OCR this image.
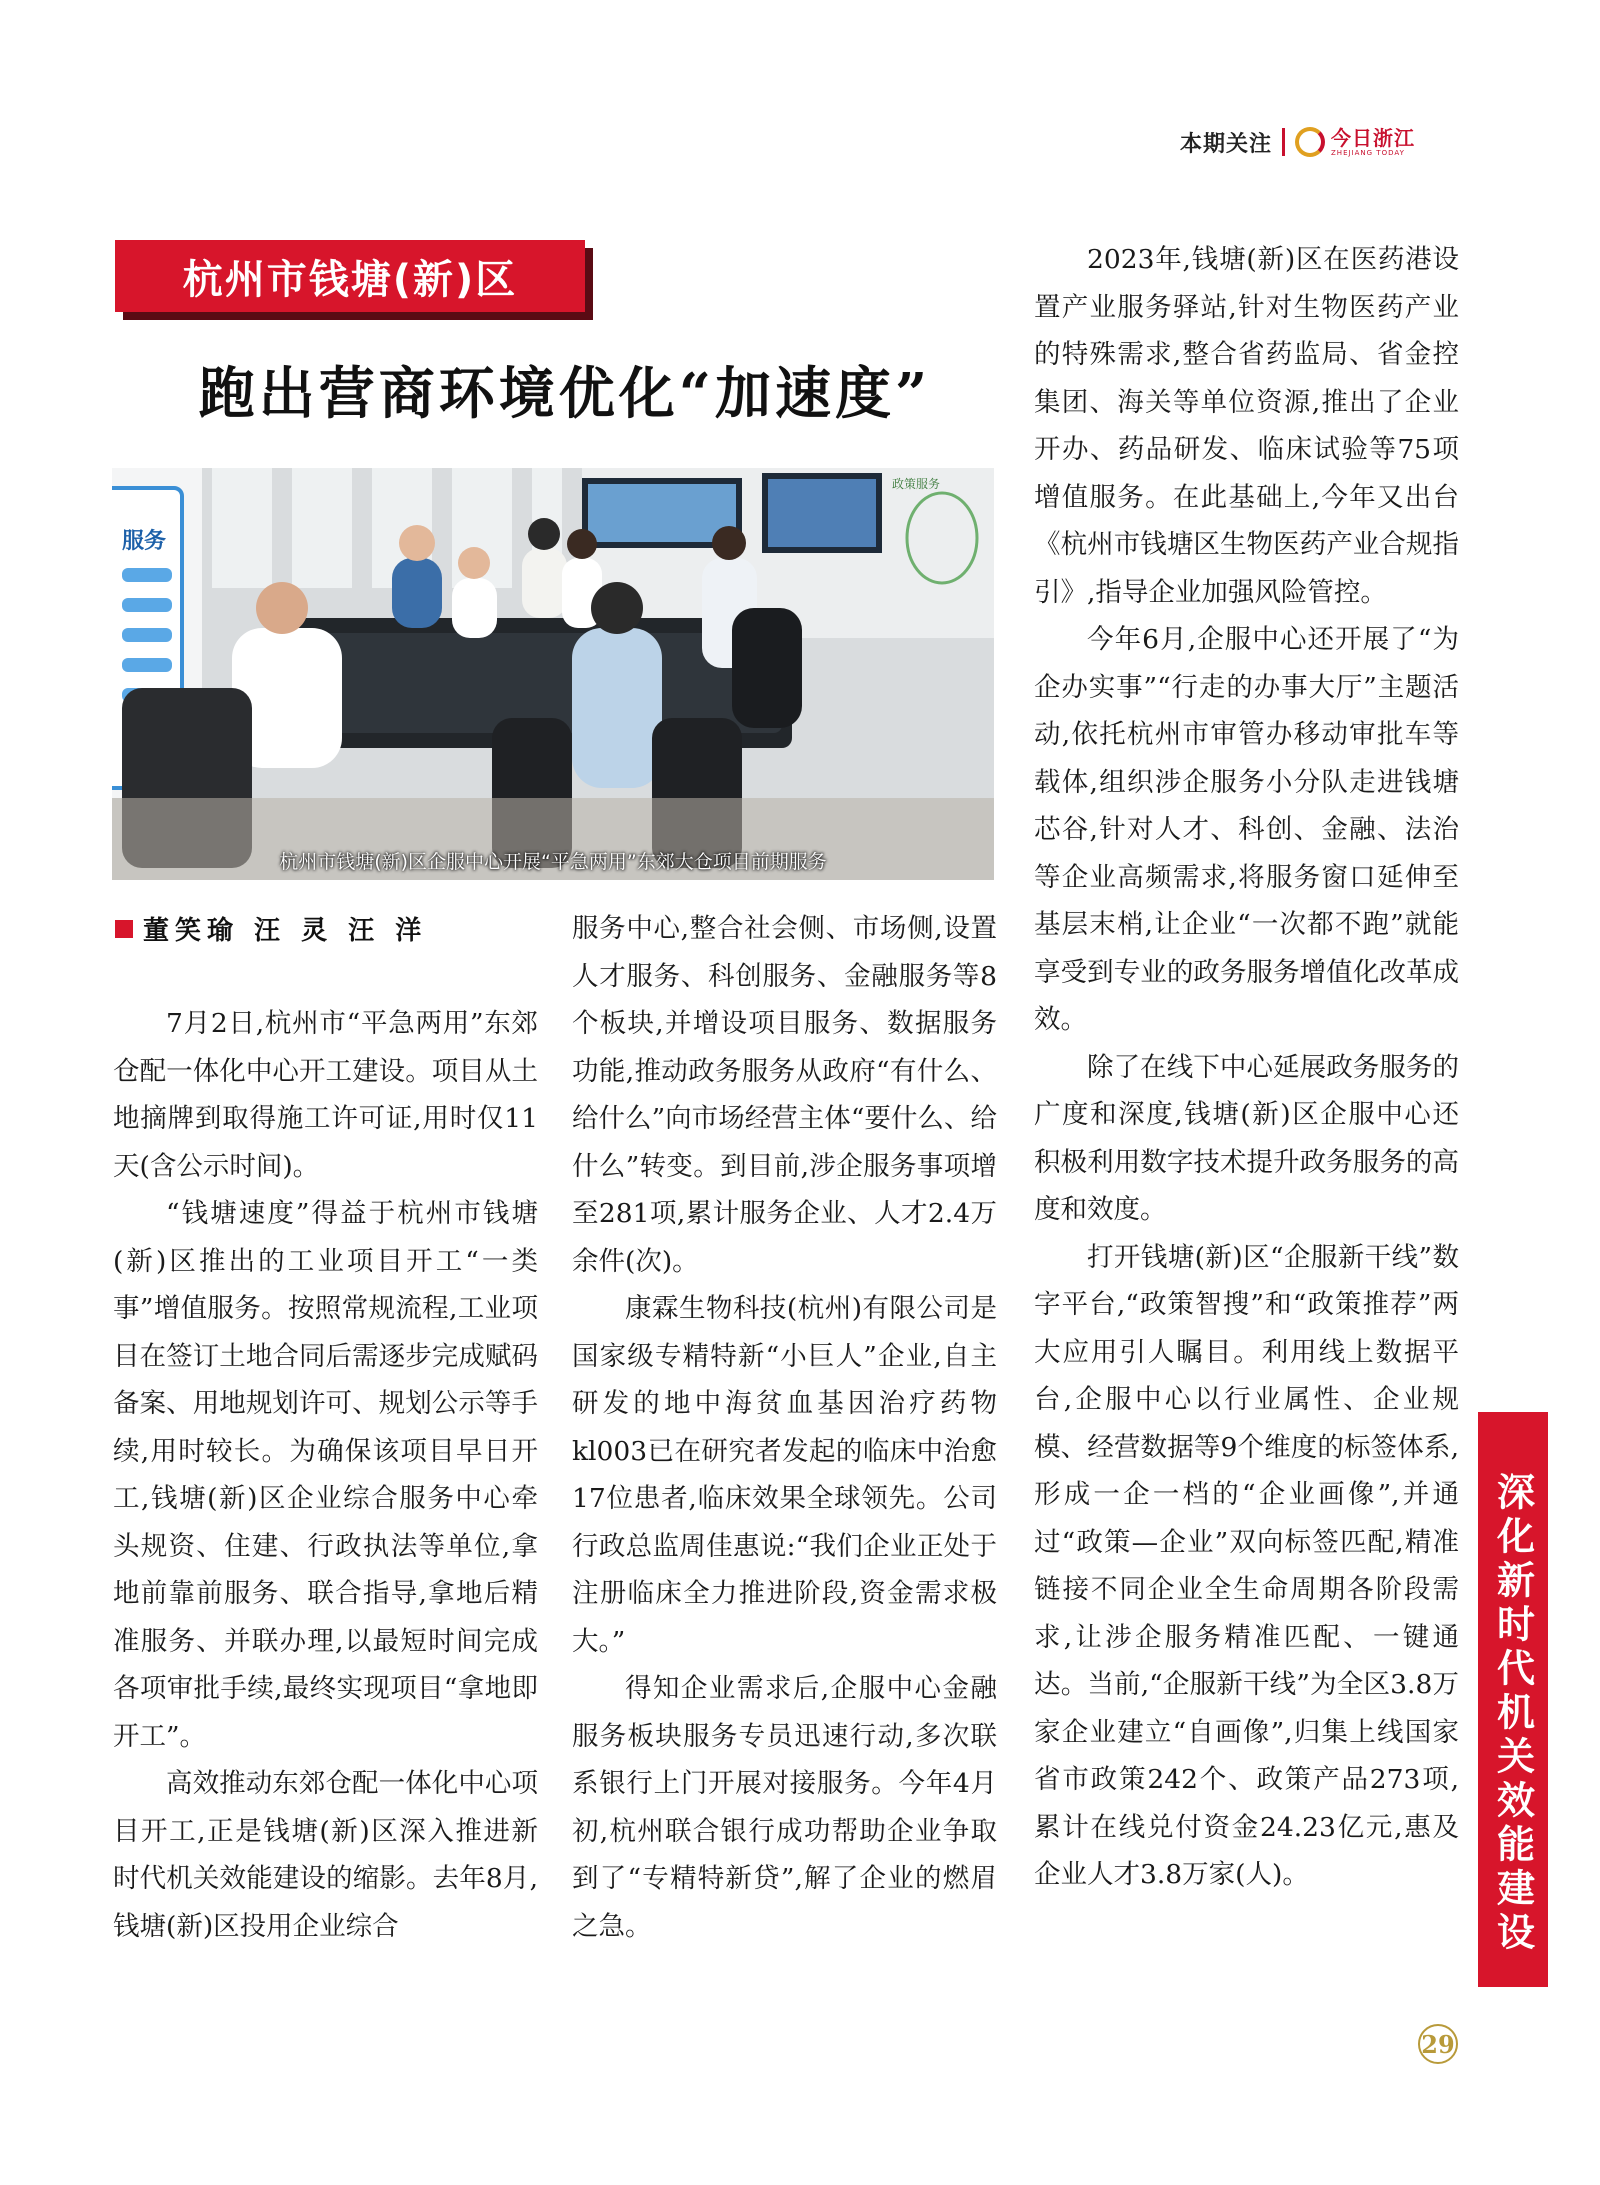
本期关注	今日浙江
ZHEJIANG TODAY
杭州市钱塘(新)区
跑出营商环境优化“加速度”
服务
政策服务
杭州市钱塘(新)区企服中心开展“平急两用”东郊大仓项目前期服务
董笑瑜 汪 灵 汪 洋

7月2日,杭州市“平急两用”东郊仓配一体化中心开工建设。项目从土地摘牌到取得施工许可证,用时仅11天(含公示时间)。

“钱塘速度”得益于杭州市钱塘(新)区推出的工业项目开工“一类事”增值服务。按照常规流程,工业项目在签订土地合同后需逐步完成赋码备案、用地规划许可、规划公示等手续,用时较长。为确保该项目早日开工,钱塘(新)区企业综合服务中心牵头规资、住建、行政执法等单位,拿地前靠前服务、联合指导,拿地后精准服务、并联办理,以最短时间完成各项审批手续,最终实现项目“拿地即开工”。

高效推动东郊仓配一体化中心项目开工,正是钱塘(新)区深入推进新时代机关效能建设的缩影。去年8月,钱塘(新)区投用企业综合

服务中心,整合社会侧、市场侧,设置人才服务、科创服务、金融服务等8个板块,并增设项目服务、数据服务功能,推动政务服务从政府“有什么、给什么”向市场经营主体“要什么、给什么”转变。到目前,涉企服务事项增至281项,累计服务企业、人才2.4万余件(次)。

康霖生物科技(杭州)有限公司是国家级专精特新“小巨人”企业,自主研发的地中海贫血基因治疗药物kl003已在研究者发起的临床中治愈17位患者,临床效果全球领先。公司行政总监周佳惠说:“我们企业正处于注册临床全力推进阶段,资金需求极大。”

得知企业需求后,企服中心金融服务板块服务专员迅速行动,多次联系银行上门开展对接服务。今年4月初,杭州联合银行成功帮助企业争取到了“专精特新贷”,解了企业的燃眉之急。

2023年,钱塘(新)区在医药港设置产业服务驿站,针对生物医药产业的特殊需求,整合省药监局、省金控集团、海关等单位资源,推出了企业开办、药品研发、临床试验等75项增值服务。在此基础上,今年又出台《杭州市钱塘区生物医药产业合规指引》,指导企业加强风险管控。

今年6月,企服中心还开展了“为企办实事”“行走的办事大厅”主题活动,依托杭州市审管办移动审批车等载体,组织涉企服务小分队走进钱塘芯谷,针对人才、科创、金融、法治等企业高频需求,将服务窗口延伸至基层末梢,让企业“一次都不跑”就能享受到专业的政务服务增值化改革成效。

除了在线下中心延展政务服务的广度和深度,钱塘(新)区企服中心还积极利用数字技术提升政务服务的高度和效度。

打开钱塘(新)区“企服新干线”数字平台,“政策智搜”和“政策推荐”两大应用引人瞩目。利用线上数据平台,企服中心以行业属性、企业规模、经营数据等9个维度的标签体系,形成一企一档的“企业画像”,并通过“政策—企业”双向标签匹配,精准链接不同企业全生命周期各阶段需求,让涉企服务精准匹配、一键通达。当前,“企服新干线”为全区3.8万家企业建立“自画像”,归集上线国家省市政策242个、政策产品273项,累计在线兑付资金24.23亿元,惠及企业人才3.8万家(人)。	深化新时代机关效能建设
29
